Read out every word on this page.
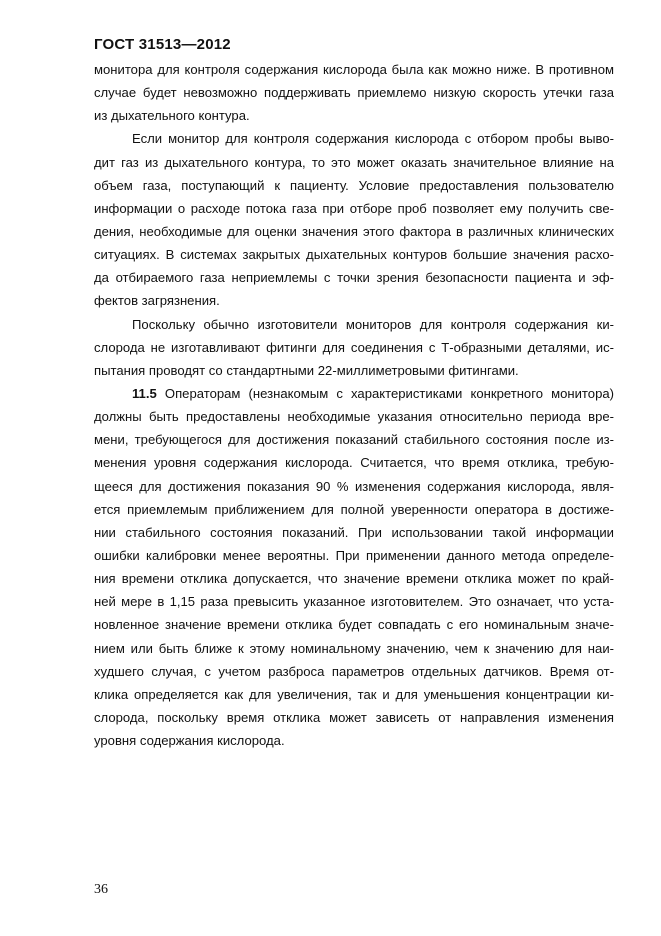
ГОСТ 31513—2012
монитора для контроля содержания кислорода была как можно ниже. В противном
случае будет невозможно поддерживать приемлемо низкую скорость утечки газа
из дыхательного контура.
Если монитор для контроля содержания кислорода с отбором пробы выво-
дит газ из дыхательного контура, то это может оказать значительное влияние на
объем газа, поступающий к пациенту. Условие предоставления пользователю
информации о расходе потока газа при отборе проб позволяет ему получить све-
дения, необходимые для оценки значения этого фактора в различных клинических
ситуациях. В системах закрытых дыхательных контуров большие значения расхо-
да отбираемого газа неприемлемы с точки зрения безопасности пациента и эф-
фектов загрязнения.
Поскольку обычно изготовители мониторов для контроля содержания ки-
слорода не изготавливают фитинги для соединения с Т-образными деталями, ис-
пытания проводят со стандартными 22-миллиметровыми фитингами.
11.5 Операторам (незнакомым с характеристиками конкретного монитора)
должны быть предоставлены необходимые указания относительно периода вре-
мени, требующегося для достижения показаний стабильного состояния после из-
менения уровня содержания кислорода. Считается, что время отклика, требую-
щееся для достижения показания 90 % изменения содержания кислорода, явля-
ется приемлемым приближением для полной уверенности оператора в достиже-
нии стабильного состояния показаний. При использовании такой информации
ошибки калибровки менее вероятны. При применении данного метода определе-
ния времени отклика допускается, что значение времени отклика может по край-
ней мере в 1,15 раза превысить указанное изготовителем. Это означает, что уста-
новленное значение времени отклика будет совпадать с его номинальным значе-
нием или быть ближе к этому номинальному значению, чем к значению для наи-
худшего случая, с учетом разброса параметров отдельных датчиков. Время от-
клика определяется как для увеличения, так и для уменьшения концентрации ки-
слорода, поскольку время отклика может зависеть от направления изменения
уровня содержания кислорода.
36
